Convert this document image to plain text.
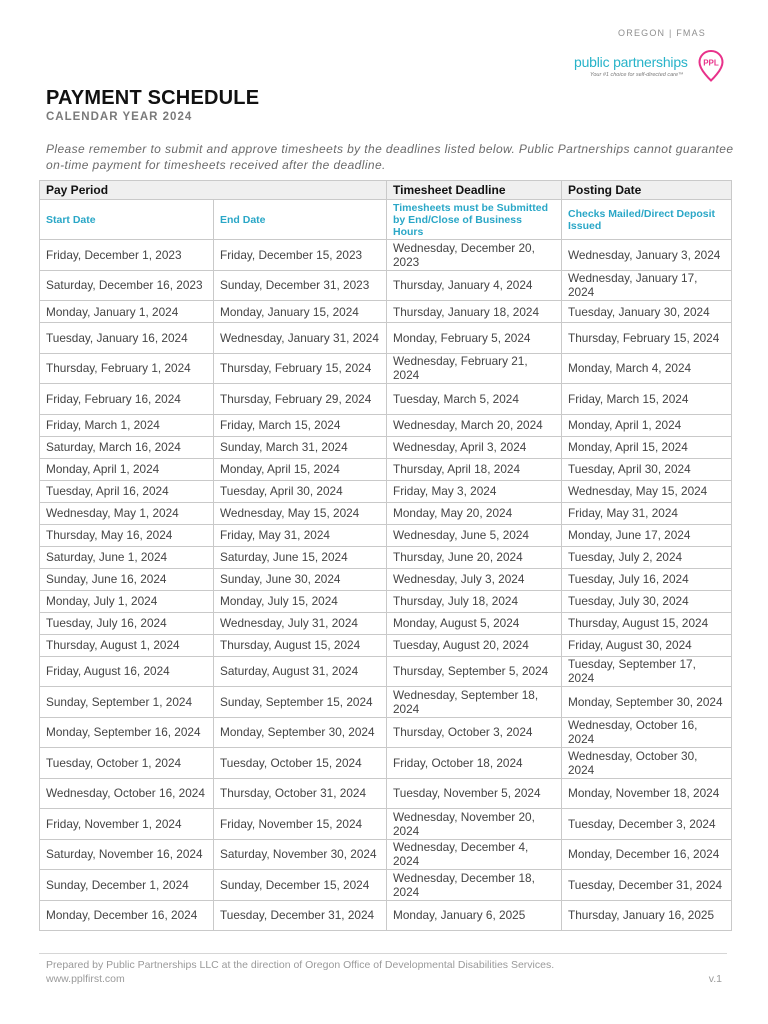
OREGON | FMAS
public partnerships
Your #1 choice for self-directed care™
PPL
PAYMENT SCHEDULE
CALENDAR YEAR 2024

Please remember to submit and approve timesheets by the deadlines listed below. Public Partnerships cannot guarantee on-time payment for timesheets received after the deadline.

Pay Period		Timesheet Deadline	Posting Date
Start Date	End Date	Timesheets must be Submitted by End/Close of Business Hours	Checks Mailed/Direct Deposit Issued
Friday, December 1, 2023	Friday, December 15, 2023	Wednesday, December 20, 2023	Wednesday, January 3, 2024
Saturday, December 16, 2023	Sunday, December 31, 2023	Thursday, January 4, 2024	Wednesday, January 17, 2024
Monday, January 1, 2024	Monday, January 15, 2024	Thursday, January 18, 2024	Tuesday, January 30, 2024
Tuesday, January 16, 2024	Wednesday, January 31, 2024	Monday, February 5, 2024	Thursday, February 15, 2024
Thursday, February 1, 2024	Thursday, February 15, 2024	Wednesday, February 21, 2024	Monday, March 4, 2024
Friday, February 16, 2024	Thursday, February 29, 2024	Tuesday, March 5, 2024	Friday, March 15, 2024
Friday, March 1, 2024	Friday, March 15, 2024	Wednesday, March 20, 2024	Monday, April 1, 2024
Saturday, March 16, 2024	Sunday, March 31, 2024	Wednesday, April 3, 2024	Monday, April 15, 2024
Monday, April 1, 2024	Monday, April 15, 2024	Thursday, April 18, 2024	Tuesday, April 30, 2024
Tuesday, April 16, 2024	Tuesday, April 30, 2024	Friday, May 3, 2024	Wednesday, May 15, 2024
Wednesday, May 1, 2024	Wednesday, May 15, 2024	Monday, May 20, 2024	Friday, May 31, 2024
Thursday, May 16, 2024	Friday, May 31, 2024	Wednesday, June 5, 2024	Monday, June 17, 2024
Saturday, June 1, 2024	Saturday, June 15, 2024	Thursday, June 20, 2024	Tuesday, July 2, 2024
Sunday, June 16, 2024	Sunday, June 30, 2024	Wednesday, July 3, 2024	Tuesday, July 16, 2024
Monday, July 1, 2024	Monday, July 15, 2024	Thursday, July 18, 2024	Tuesday, July 30, 2024
Tuesday, July 16, 2024	Wednesday, July 31, 2024	Monday, August 5, 2024	Thursday, August 15, 2024
Thursday, August 1, 2024	Thursday, August 15, 2024	Tuesday, August 20, 2024	Friday, August 30, 2024
Friday, August 16, 2024	Saturday, August 31, 2024	Thursday, September 5, 2024	Tuesday, September 17, 2024
Sunday, September 1, 2024	Sunday, September 15, 2024	Wednesday, September 18, 2024	Monday, September 30, 2024
Monday, September 16, 2024	Monday, September 30, 2024	Thursday, October 3, 2024	Wednesday, October 16, 2024
Tuesday, October 1, 2024	Tuesday, October 15, 2024	Friday, October 18, 2024	Wednesday, October 30, 2024
Wednesday, October 16, 2024	Thursday, October 31, 2024	Tuesday, November 5, 2024	Monday, November 18, 2024
Friday, November 1, 2024	Friday, November 15, 2024	Wednesday, November 20, 2024	Tuesday, December 3, 2024
Saturday, November 16, 2024	Saturday, November 30, 2024	Wednesday, December 4, 2024	Monday, December 16, 2024
Sunday, December 1, 2024	Sunday, December 15, 2024	Wednesday, December 18, 2024	Tuesday, December 31, 2024
Monday, December 16, 2024	Tuesday, December 31, 2024	Monday, January 6, 2025	Thursday, January 16, 2025
Prepared by Public Partnerships LLC at the direction of Oregon Office of Developmental Disabilities Services.
www.pplfirst.com	v.1
